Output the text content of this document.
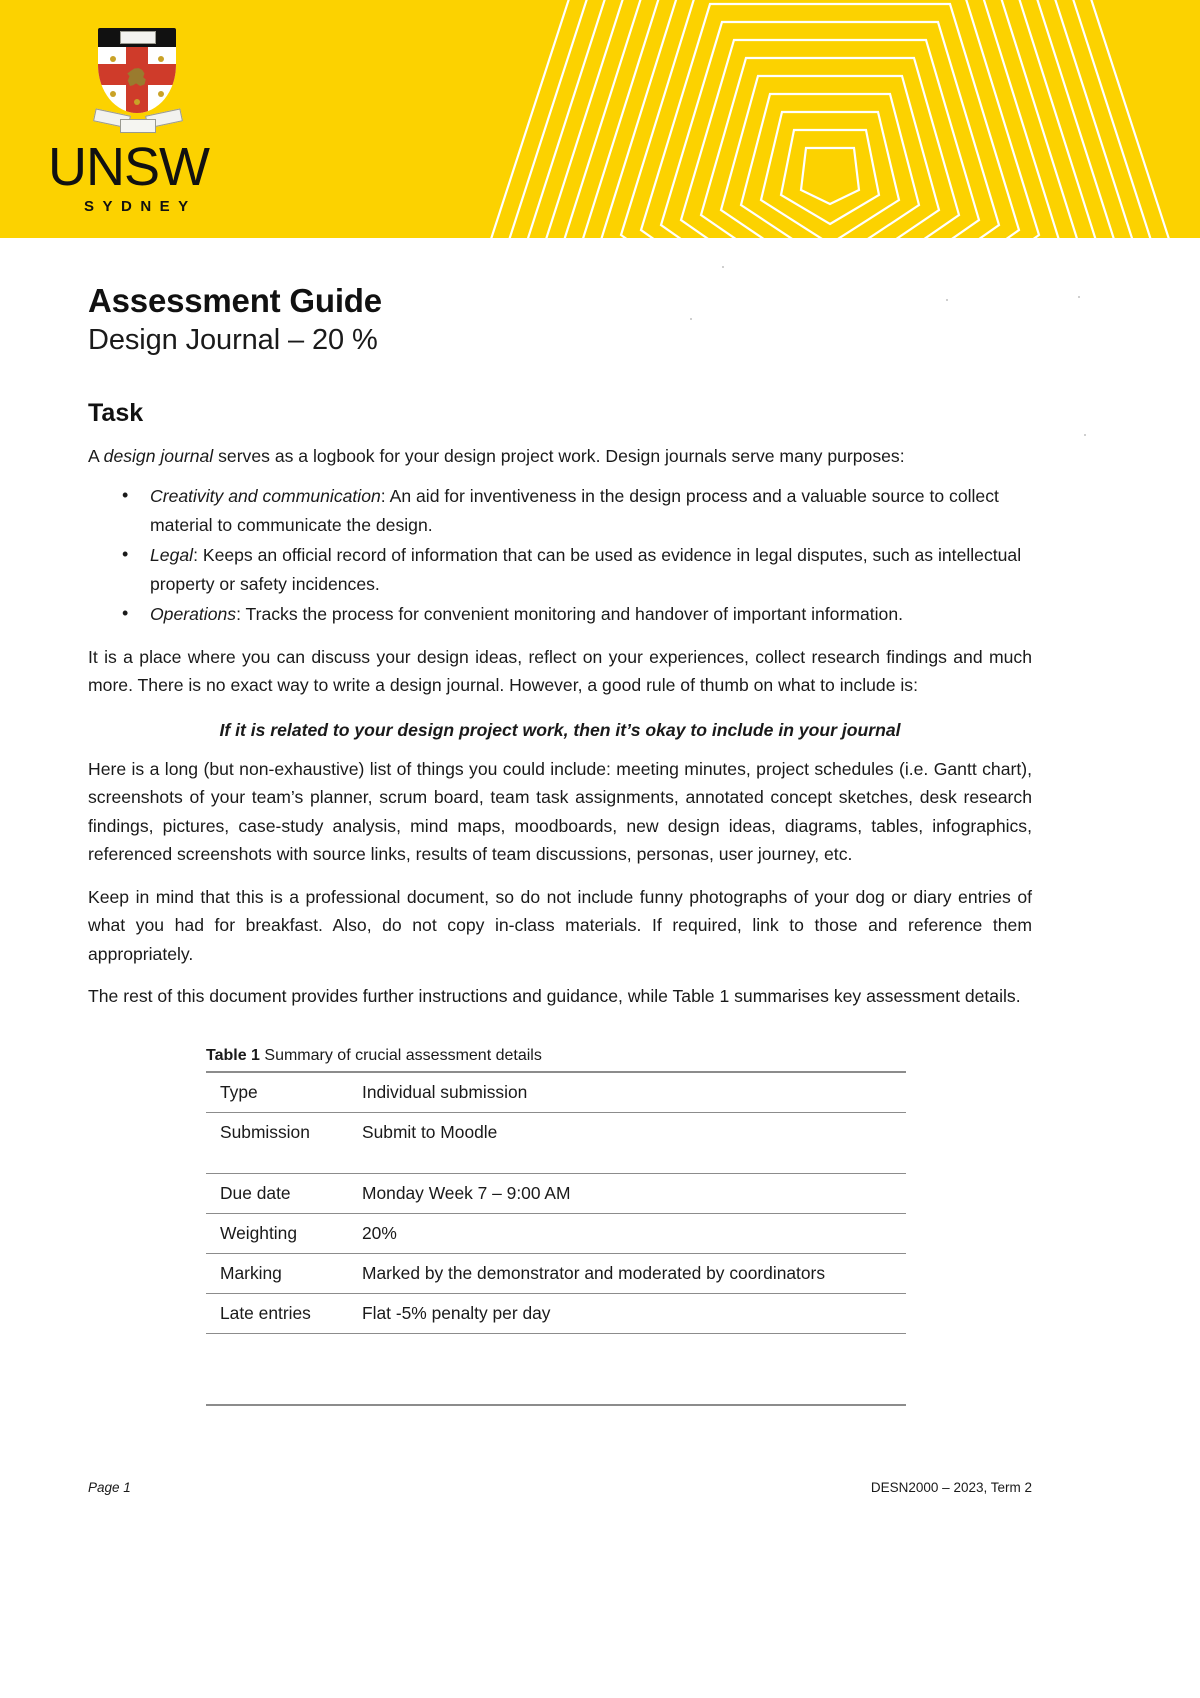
UNSW
SYDNEY
Assessment Guide
Design Journal – 20 %
Task

A design journal serves as a logbook for your design project work. Design journals serve many purposes:

• Creativity and communication: An aid for inventiveness in the design process and a valuable source to collect material to communicate the design.
• Legal: Keeps an official record of information that can be used as evidence in legal disputes, such as intellectual property or safety incidences.
• Operations: Tracks the process for convenient monitoring and handover of important information.

It is a place where you can discuss your design ideas, reflect on your experiences, collect research findings and much more. There is no exact way to write a design journal. However, a good rule of thumb on what to include is:

If it is related to your design project work, then it’s okay to include in your journal

Here is a long (but non-exhaustive) list of things you could include: meeting minutes, project schedules (i.e. Gantt chart), screenshots of your team’s planner, scrum board, team task assignments, annotated concept sketches, desk research findings, pictures, case-study analysis, mind maps, moodboards, new design ideas, diagrams, tables, infographics, referenced screenshots with source links, results of team discussions, personas, user journey, etc.

Keep in mind that this is a professional document, so do not include funny photographs of your dog or diary entries of what you had for breakfast. Also, do not copy in-class materials. If required, link to those and reference them appropriately.

The rest of this document provides further instructions and guidance, while Table 1 summarises key assessment details.

Table 1 Summary of crucial assessment details
Type	Individual submission
Submission	Submit to Moodle
Due date	Monday Week 7 – 9:00 AM
Weighting	20%
Marking	Marked by the demonstrator and moderated by coordinators
Late entries	Flat -5% penalty per day

Page 1	DESN2000 – 2023, Term 2
